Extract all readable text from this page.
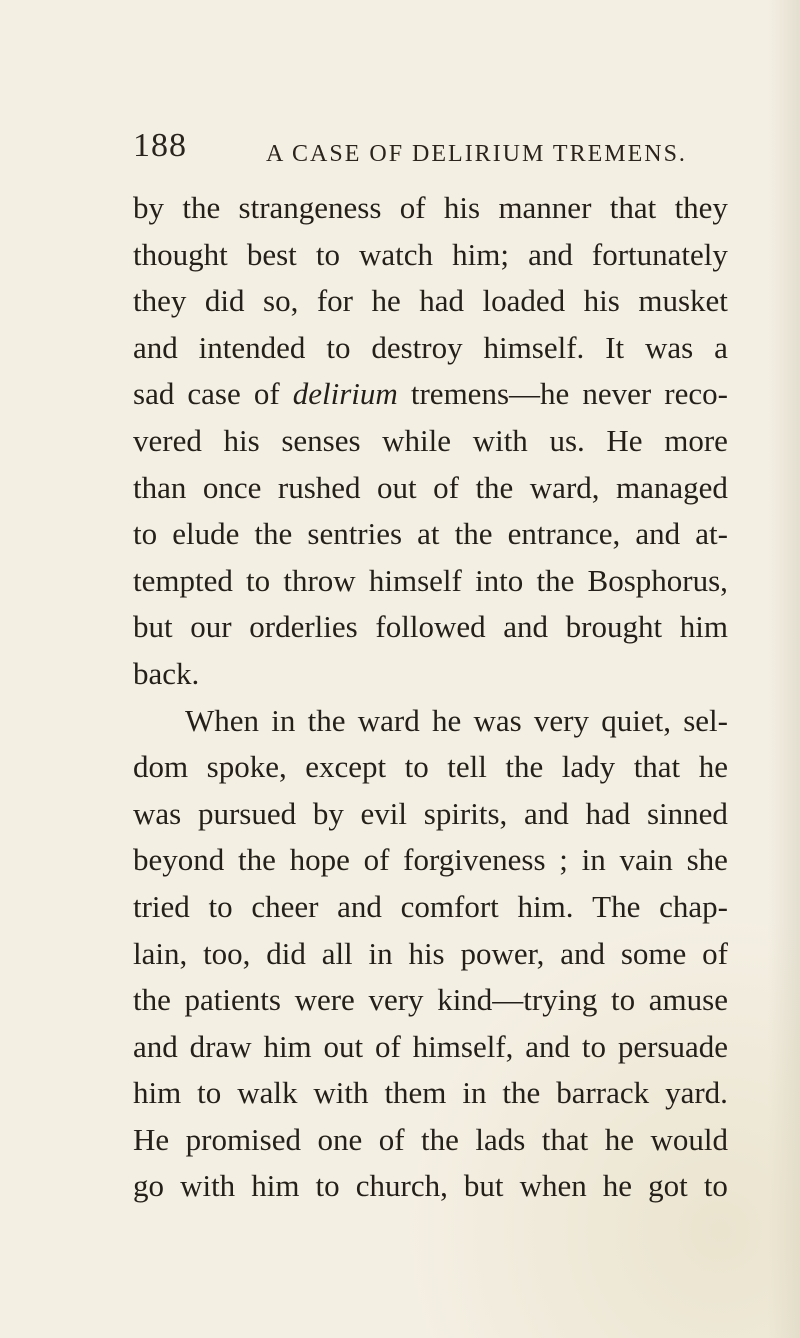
188	A CASE OF DELIRIUM TREMENS.
by the strangeness of his manner that they
thought best to watch him; and fortunately
they did so, for he had loaded his musket
and intended to destroy himself. It was a
sad case of delirium tremens—he never reco-
vered his senses while with us. He more
than once rushed out of the ward, managed
to elude the sentries at the entrance, and at-
tempted to throw himself into the Bosphorus,
but our orderlies followed and brought him
back.
When in the ward he was very quiet, sel-
dom spoke, except to tell the lady that he
was pursued by evil spirits, and had sinned
beyond the hope of forgiveness ; in vain she
tried to cheer and comfort him. The chap-
lain, too, did all in his power, and some of
the patients were very kind—trying to amuse
and draw him out of himself, and to persuade
him to walk with them in the barrack yard.
He promised one of the lads that he would
go with him to church, but when he got to
